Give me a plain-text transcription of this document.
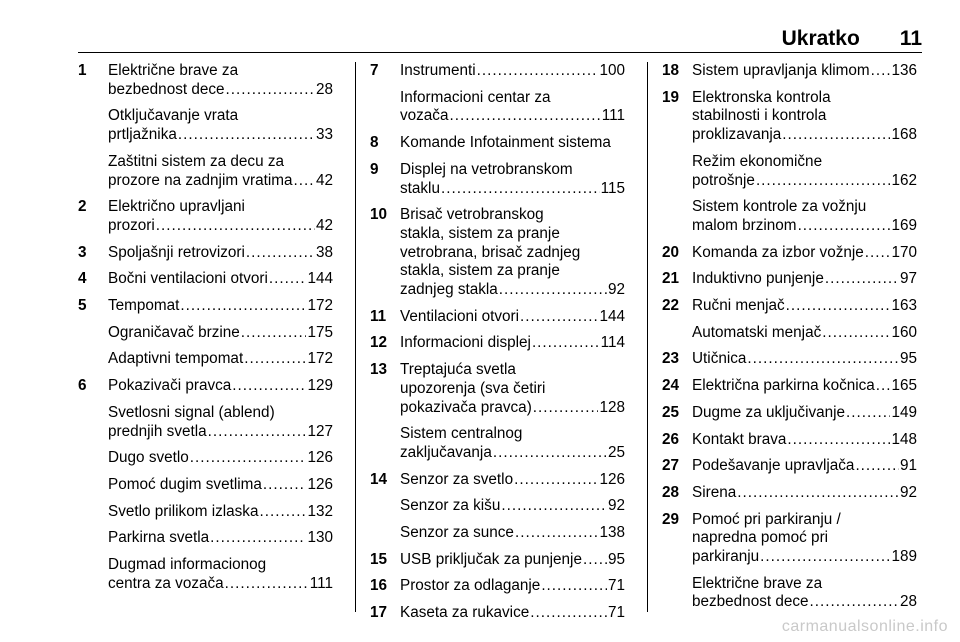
Ukratko 11
1	Električne brave za
bezbednost dece .....	28
Otključavanje vrata
prtljažnika .....	33
Zaštitni sistem za decu za
prozore na zadnjim vratima ..... 42
2	Električno upravljani
prozori .....	42
3	Spoljašnji retrovizori .....	38
4	Bočni ventilacioni otvori .....	144
5	Tempomat .....	172
Ograničavač brzine .....	175
Adaptivni tempomat .....	172
6	Pokazivači pravca .....	129
Svetlosni signal (ablend)
prednjih svetla .....	127
Dugo svetlo .....	126
Pomoć dugim svetlima .....	126
Svetlo prilikom izlaska .....	132
Parkirna svetla .....	130
Dugmad informacionog
centra za vozača .....	111
7	Instrumenti .....	100
Informacioni centar za
vozača .....	111
8	Komande Infotainment sistema
9	Displej na vetrobranskom
staklu .....	115
10 Brisač vetrobranskog
stakla, sistem za pranje
vetrobrana, brisač zadnjeg
stakla, sistem za pranje
zadnjeg stakla .....	92
11 Ventilacioni otvori .....	144
12 Informacioni displej .....	114
13 Treptajuća svetla
upozorenja (sva četiri
pokazivača pravca) .....	128
Sistem centralnog
zaključavanja .....	25
14 Senzor za svetlo .....	126
Senzor za kišu .....	92
Senzor za sunce .....	138
15 USB priključak za punjenje ..... 95
16 Prostor za odlaganje .....	71
17 Kaseta za rukavice .....	71
18 Sistem upravljanja klimom ..... 136
19 Elektronska kontrola
stabilnosti i kontrola
proklizavanja .....	168
Režim ekonomične
potrošnje .....	162
Sistem kontrole za vožnju
malom brzinom .....	169
20 Komanda za izbor vožnje ..... 170
21 Induktivno punjenje .....	97
22 Ručni menjač .....	163
Automatski menjač .....	160
23 Utičnica .....	95
24 Električna parkirna kočnica ..... 165
25 Dugme za uključivanje .....	149
26 Kontakt brava .....	148
27 Podešavanje upravljača .....	91
28 Sirena .....	92
29 Pomoć pri parkiranju /
napredna pomoć pri
parkiranju .....	189
Električne brave za
bezbednost dece .....	28
carmanualsonline.info
